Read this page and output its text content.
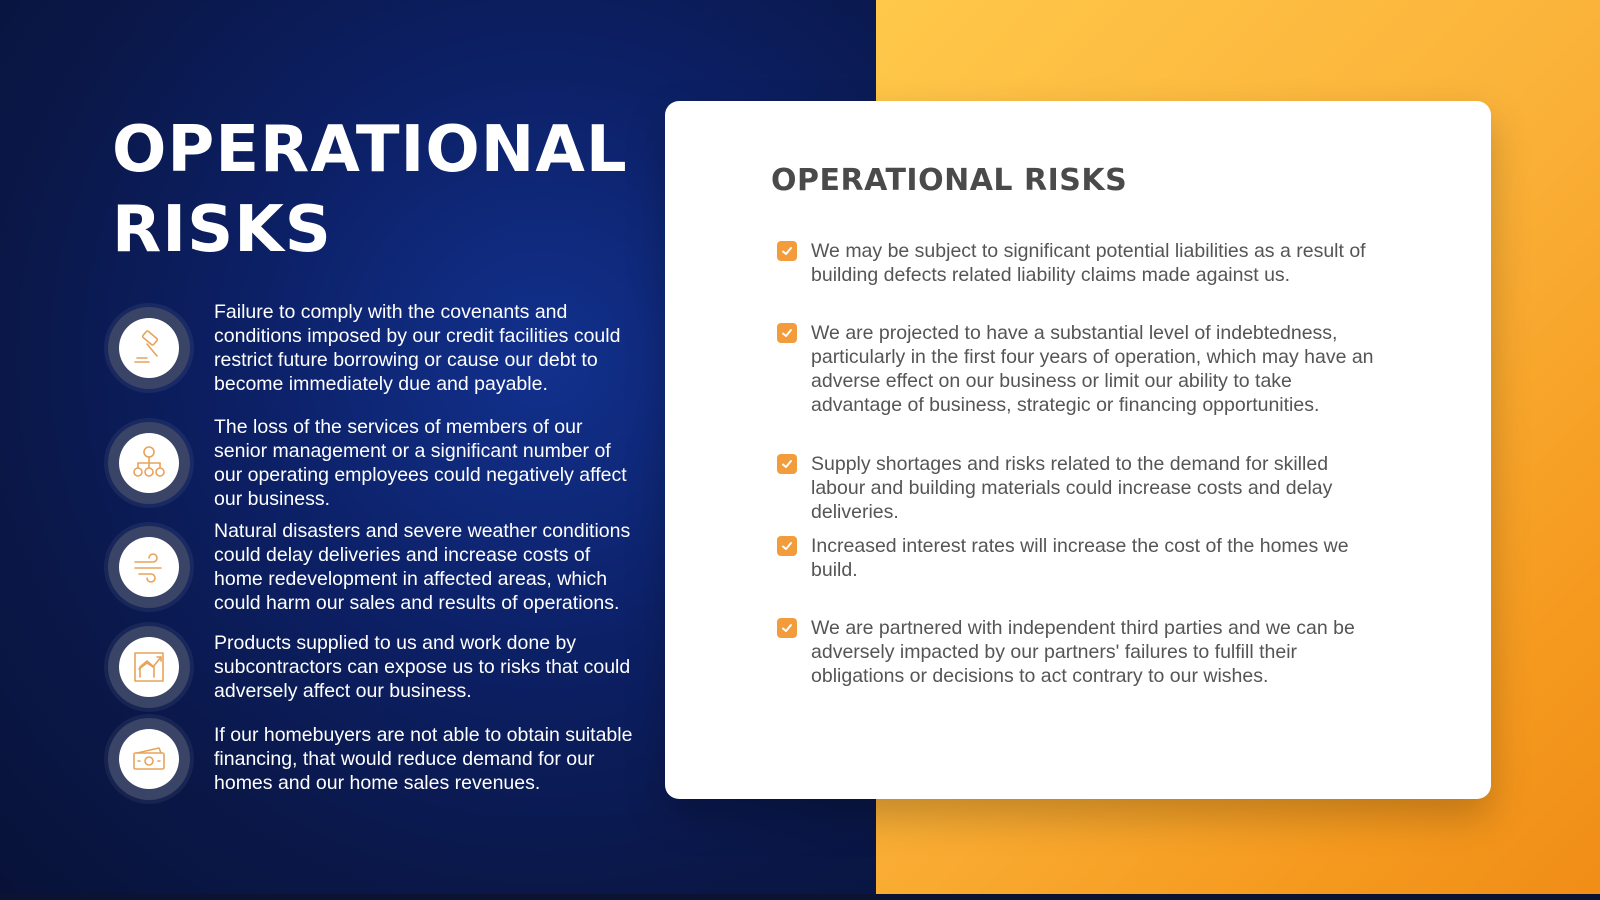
OPERATIONAL RISKS
Failure to comply with the covenants and conditions imposed by our credit facilities could restrict future borrowing or cause our debt to become immediately due and payable.
The loss of the services of members of our senior management or a significant number of our operating employees could negatively affect our business.
Natural disasters and severe weather conditions could delay deliveries and increase costs of home redevelopment in affected areas, which could harm our sales and results of operations.
Products supplied to us and work done by subcontractors can expose us to risks that could adversely affect our business.
If our homebuyers are not able to obtain suitable financing, that would reduce demand for our homes and our home sales revenues.
OPERATIONAL RISKS
We may be subject to significant potential liabilities as a result of building defects related liability claims made against us.
We are projected to have a substantial level of indebtedness, particularly in the first four years of operation, which may have an adverse effect on our business or limit our ability to take advantage of business, strategic or financing opportunities.
Supply shortages and risks related to the demand for skilled labour and building materials could increase costs and delay deliveries.
Increased interest rates will increase the cost of the homes we build.
We are partnered with independent third parties and we can be adversely impacted by our partners' failures to fulfill their obligations or decisions to act contrary to our wishes.
